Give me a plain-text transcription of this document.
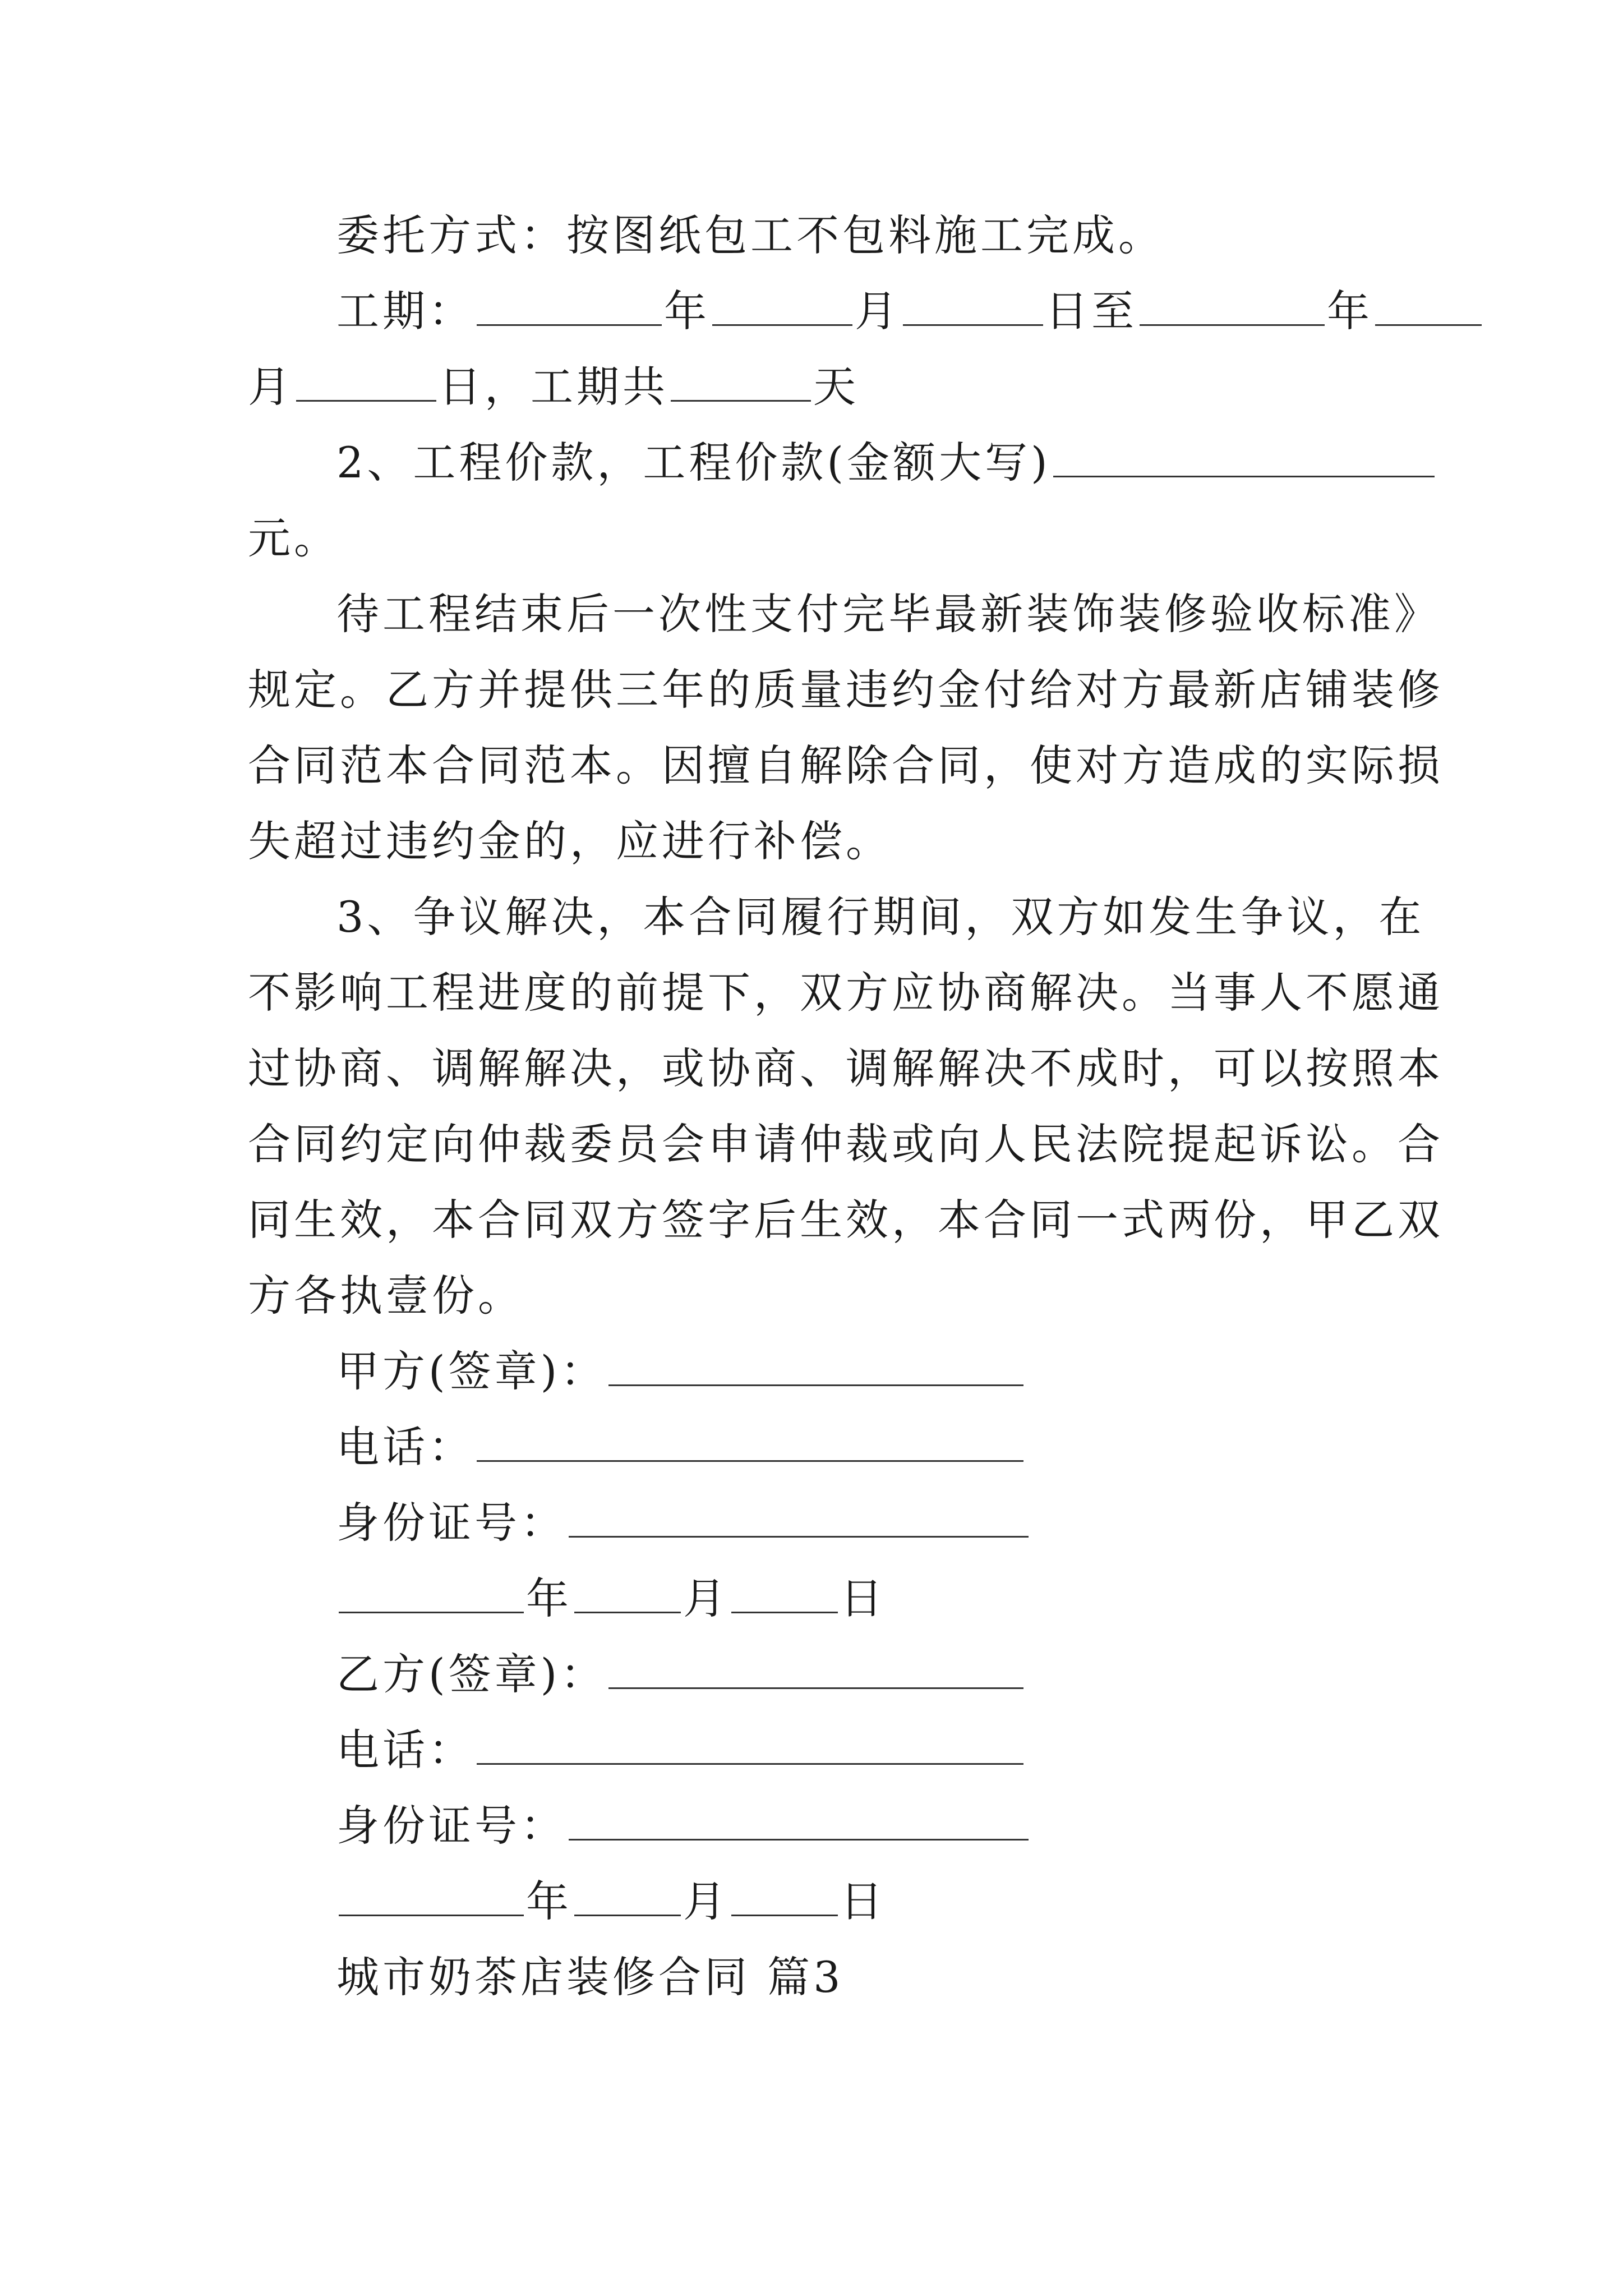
委托方式：按图纸包工不包料施工完成。
工期：	年	月	日至	年
月	日，工期共	天
2、工程价款，工程价款(金额大写)
元。
待工程结束后一次性支付完毕最新装饰装修验收标准》
规定。乙方并提供三年的质量违约金付给对方最新店铺装修
合同范本合同范本。因擅自解除合同，使对方造成的实际损
失超过违约金的，应进行补偿。
3、争议解决，本合同履行期间，双方如发生争议，在
不影响工程进度的前提下，双方应协商解决。当事人不愿通
过协商、调解解决，或协商、调解解决不成时，可以按照本
合同约定向仲裁委员会申请仲裁或向人民法院提起诉讼。合
同生效，本合同双方签字后生效，本合同一式两份，甲乙双
方各执壹份。
甲方(签章)：
电话：
身份证号：
年	月	日
乙方(签章)：
电话：
身份证号：
年	月	日
城市奶茶店装修合同 篇3
